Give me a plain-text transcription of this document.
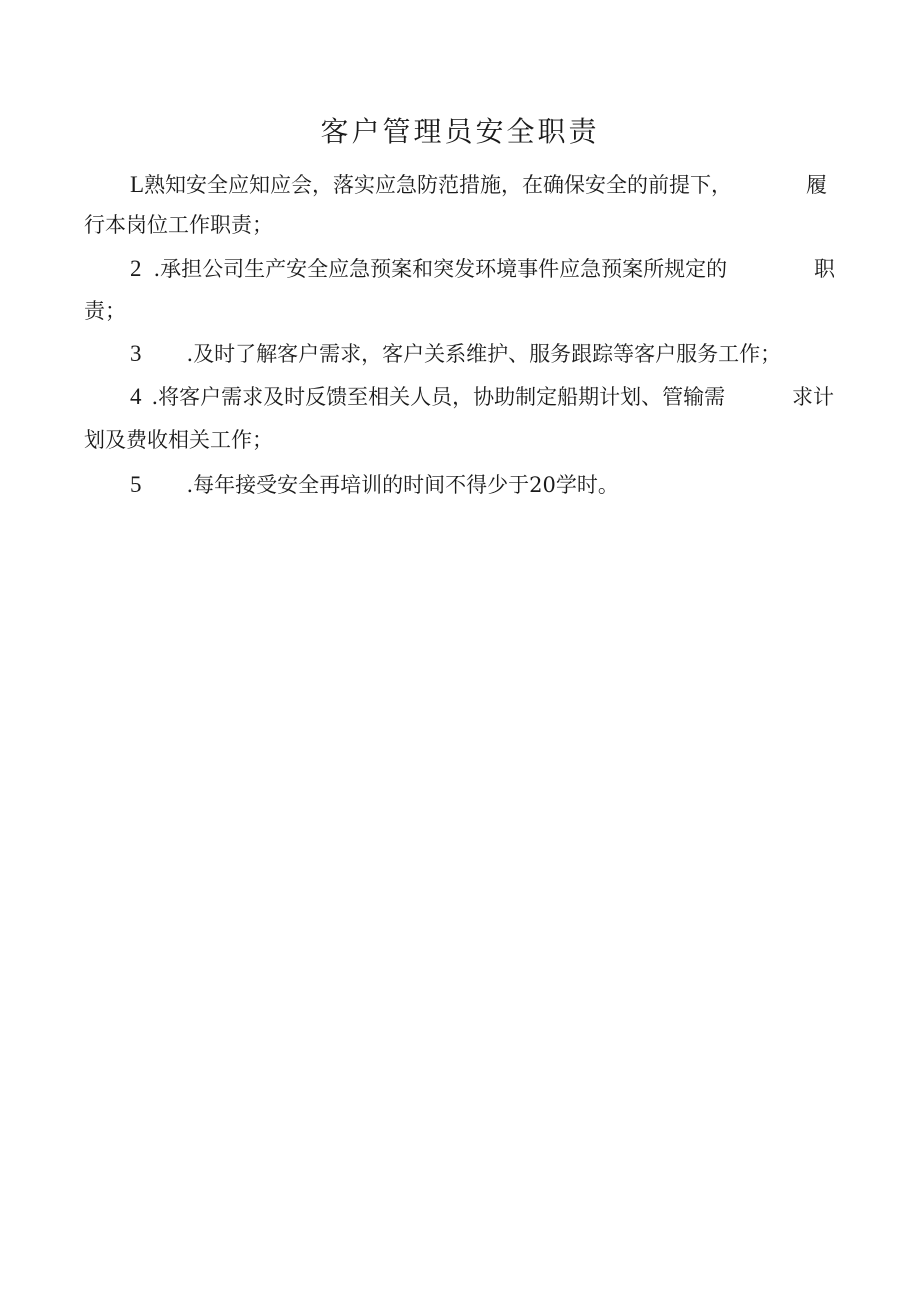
客户管理员安全职责
L熟知安全应知应会，落实应急防范措施，在确保安全的前提下，	履
行本岗位工作职责；
2 .承担公司生产安全应急预案和突发环境事件应急预案所规定的	职
责；
3 .及时了解客户需求，客户关系维护、服务跟踪等客户服务工作；
4 .将客户需求及时反馈至相关人员，协助制定船期计划、管输需	求计
划及费收相关工作；
5 .每年接受安全再培训的时间不得少于20学时。
